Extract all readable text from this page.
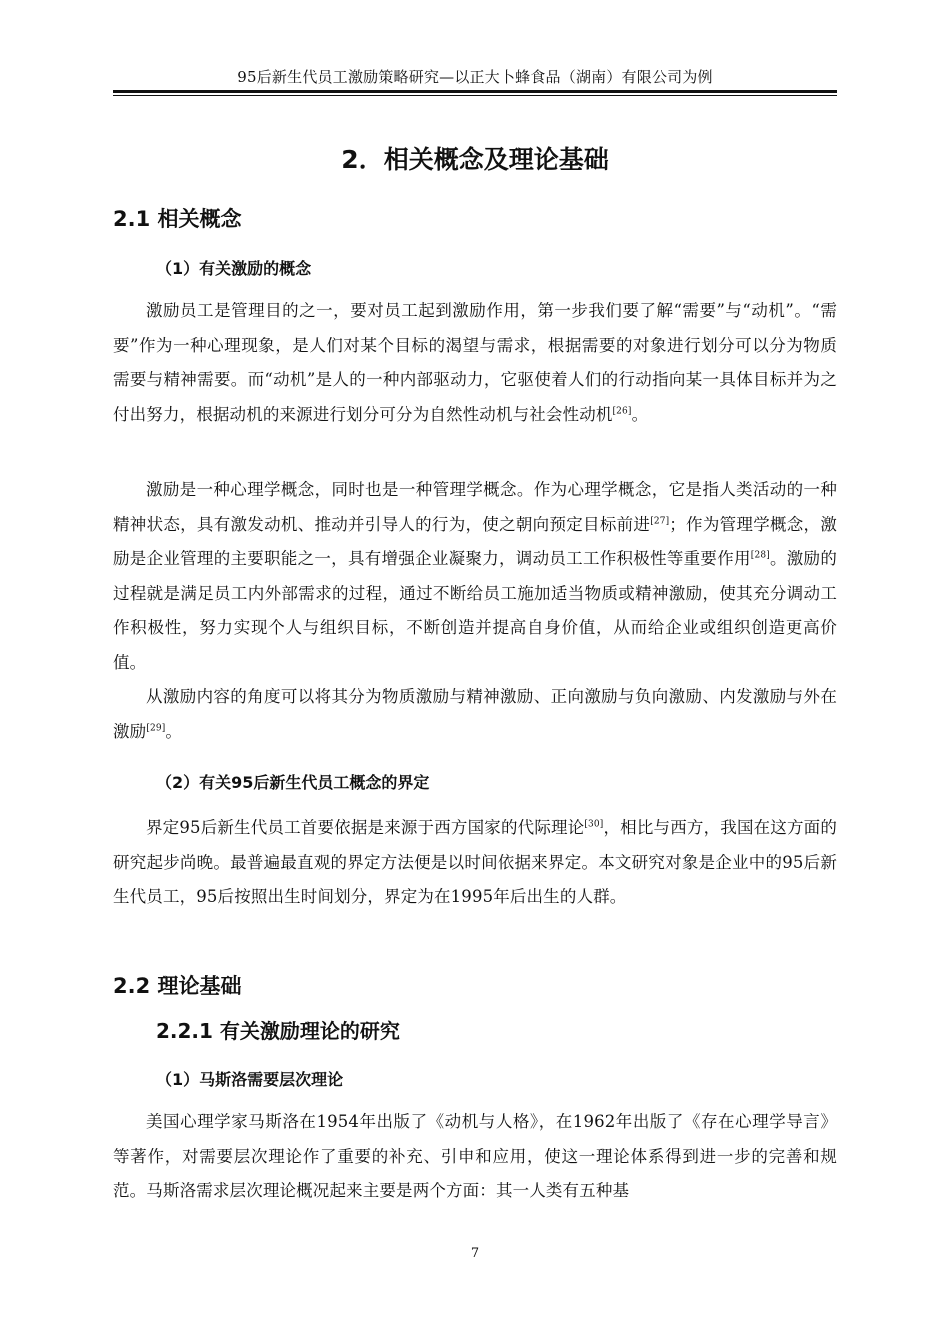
95后新生代员工激励策略研究—以正大卜蜂食品（湖南）有限公司为例
2．相关概念及理论基础
2.1 相关概念
（1）有关激励的概念

激励员工是管理目的之一，要对员工起到激励作用，第一步我们要了解“需要”与“动机”。“需要”作为一种心理现象，是人们对某个目标的渴望与需求，根据需要的对象进行划分可以分为物质需要与精神需要。而“动机”是人的一种内部驱动力，它驱使着人们的行动指向某一具体目标并为之付出努力，根据动机的来源进行划分可分为自然性动机与社会性动机[26]。

激励是一种心理学概念，同时也是一种管理学概念。作为心理学概念，它是指人类活动的一种精神状态，具有激发动机、推动并引导人的行为，使之朝向预定目标前进[27]；作为管理学概念，激励是企业管理的主要职能之一，具有增强企业凝聚力，调动员工工作积极性等重要作用[28]。激励的过程就是满足员工内外部需求的过程，通过不断给员工施加适当物质或精神激励，使其充分调动工作积极性，努力实现个人与组织目标，不断创造并提高自身价值，从而给企业或组织创造更高价值。

从激励内容的角度可以将其分为物质激励与精神激励、正向激励与负向激励、内发激励与外在激励[29]。

（2）有关95后新生代员工概念的界定

界定95后新生代员工首要依据是来源于西方国家的代际理论[30]，相比与西方，我国在这方面的研究起步尚晚。最普遍最直观的界定方法便是以时间依据来界定。本文研究对象是企业中的95后新生代员工，95后按照出生时间划分，界定为在1995年后出生的人群。

2.2 理论基础
2.2.1 有关激励理论的研究
（1）马斯洛需要层次理论

美国心理学家马斯洛在1954年出版了《动机与人格》，在1962年出版了《存在心理学导言》等著作，对需要层次理论作了重要的补充、引申和应用，使这一理论体系得到进一步的完善和规范。马斯洛需求层次理论概况起来主要是两个方面：其一人类有五种基

7
